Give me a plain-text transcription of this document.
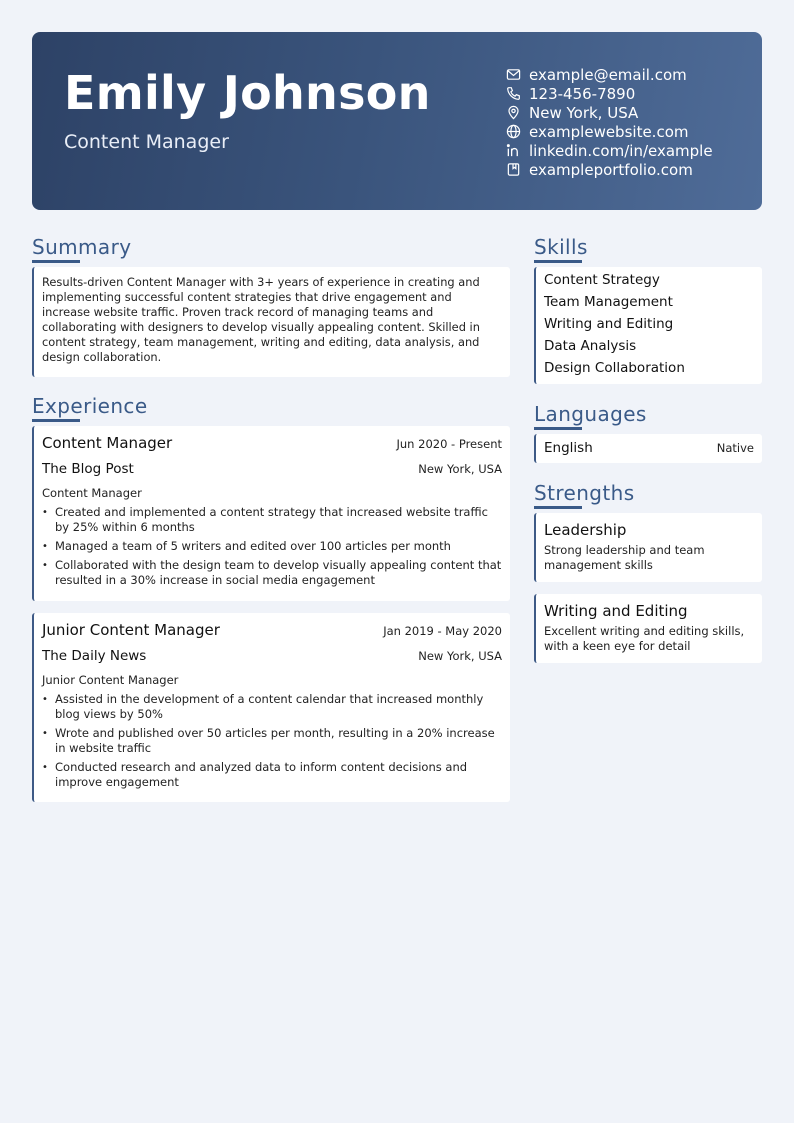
Emily Johnson
Content Manager
example@email.com
123-456-7890
New York, USA
examplewebsite.com
linkedin.com/in/example
exampleportfolio.com
Summary
Results-driven Content Manager with 3+ years of experience in creating and implementing successful content strategies that drive engagement and increase website traffic. Proven track record of managing teams and collaborating with designers to develop visually appealing content. Skilled in content strategy, team management, writing and editing, data analysis, and design collaboration.
Experience
Content Manager	Jun 2020 - Present
The Blog Post	New York, USA
Content Manager
• Created and implemented a content strategy that increased website traffic by 25% within 6 months
• Managed a team of 5 writers and edited over 100 articles per month
• Collaborated with the design team to develop visually appealing content that resulted in a 30% increase in social media engagement
Junior Content Manager	Jan 2019 - May 2020
The Daily News	New York, USA
Junior Content Manager
• Assisted in the development of a content calendar that increased monthly blog views by 50%
• Wrote and published over 50 articles per month, resulting in a 20% increase in website traffic
• Conducted research and analyzed data to inform content decisions and improve engagement
Skills
Content Strategy
Team Management
Writing and Editing
Data Analysis
Design Collaboration
Languages
English	Native
Strengths
Leadership
Strong leadership and team management skills
Writing and Editing
Excellent writing and editing skills, with a keen eye for detail
